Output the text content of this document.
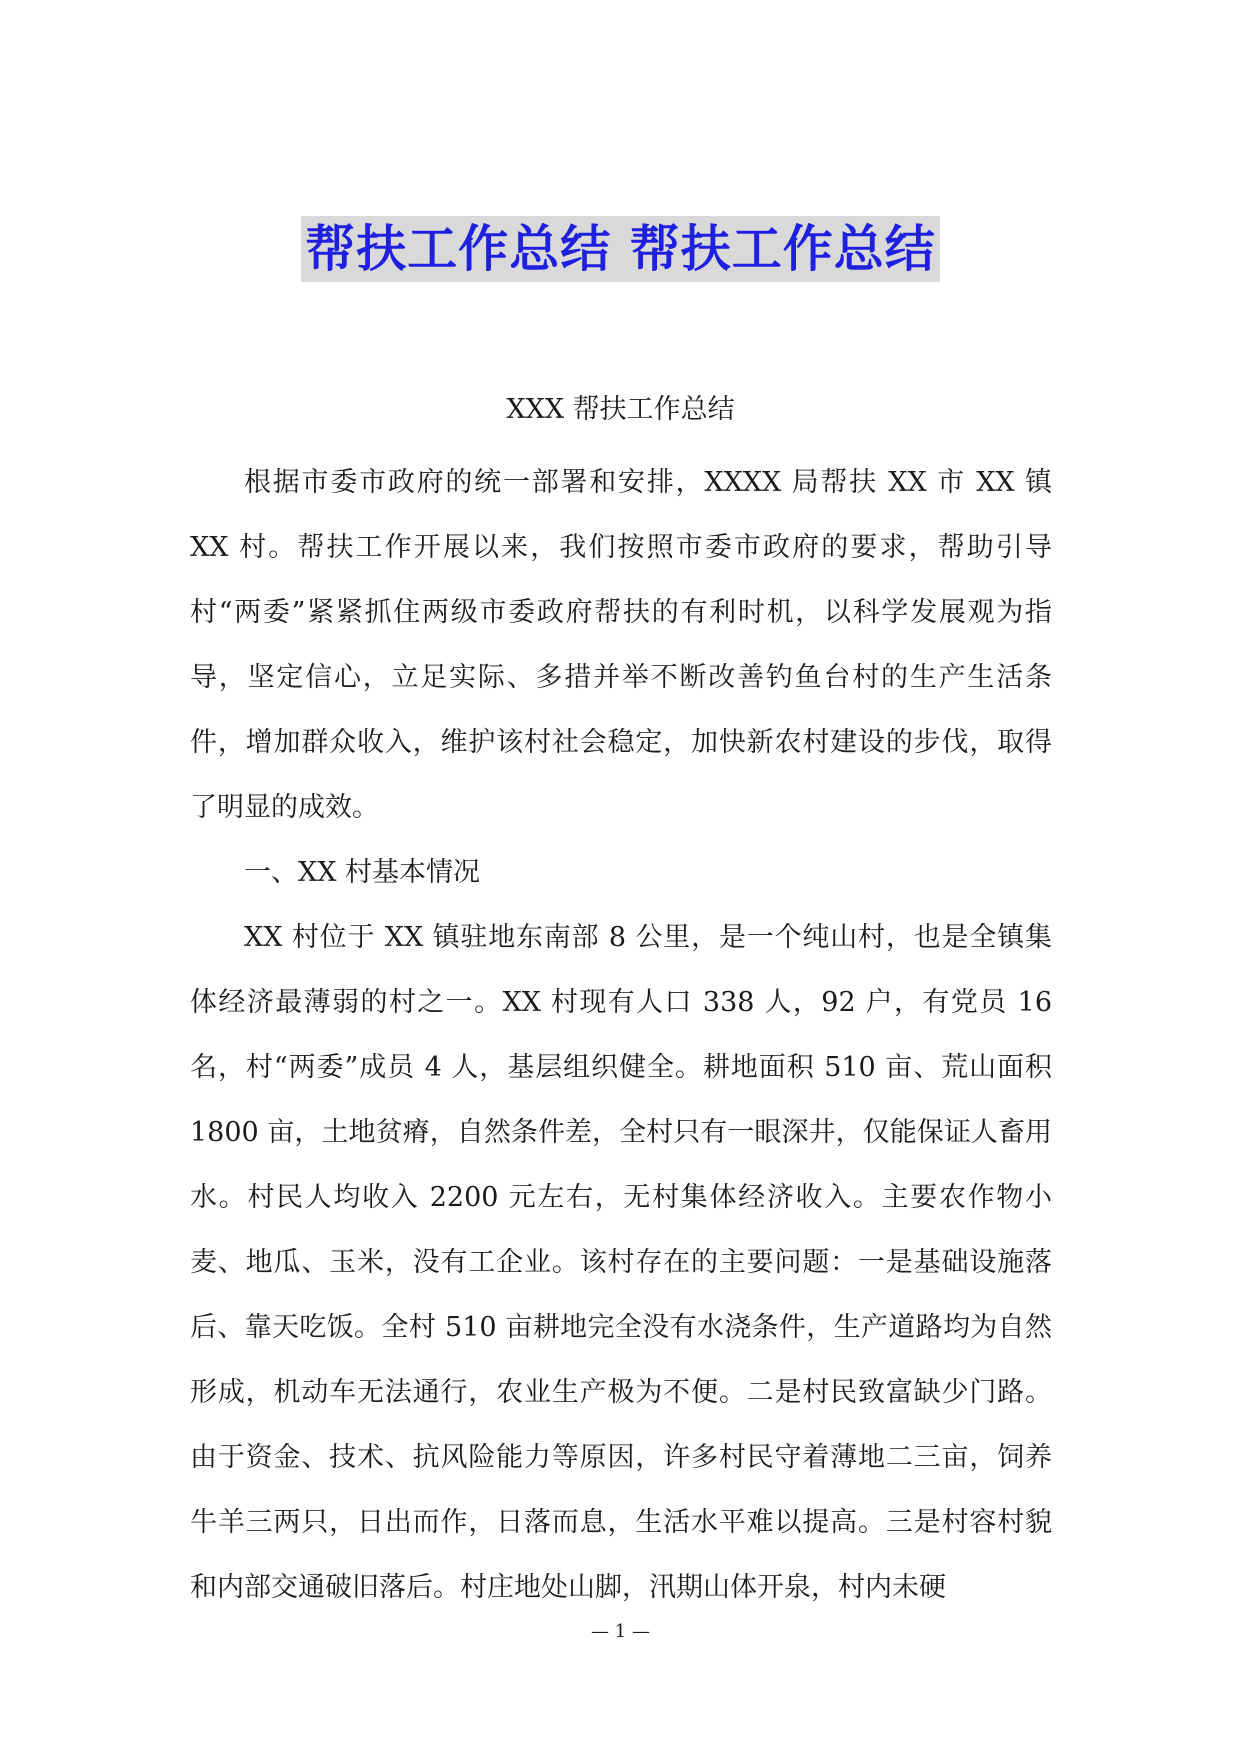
帮扶工作总结 帮扶工作总结
XXX 帮扶工作总结

根据市委市政府的统一部署和安排，XXXX 局帮扶 XX 市 XX 镇 XX 村。帮扶工作开展以来，我们按照市委市政府的要求，帮助引导村“两委”紧紧抓住两级市委政府帮扶的有利时机，以科学发展观为指导，坚定信心，立足实际、多措并举不断改善钓鱼台村的生产生活条件，增加群众收入，维护该村社会稳定，加快新农村建设的步伐，取得了明显的成效。

一、XX 村基本情况

XX 村位于 XX 镇驻地东南部 8 公里，是一个纯山村，也是全镇集体经济最薄弱的村之一。XX 村现有人口 338 人，92 户，有党员 16 名，村“两委”成员 4 人，基层组织健全。耕地面积 510 亩、荒山面积 1800 亩，土地贫瘠，自然条件差，全村只有一眼深井，仅能保证人畜用水。村民人均收入 2200 元左右，无村集体经济收入。主要农作物小麦、地瓜、玉米，没有工企业。该村存在的主要问题：一是基础设施落后、靠天吃饭。全村 510 亩耕地完全没有水浇条件，生产道路均为自然形成，机动车无法通行，农业生产极为不便。二是村民致富缺少门路。由于资金、技术、抗风险能力等原因，许多村民守着薄地二三亩，饲养牛羊三两只，日出而作，日落而息，生活水平难以提高。三是村容村貌和内部交通破旧落后。村庄地处山脚，汛期山体开泉，村内未硬

— 1 —
